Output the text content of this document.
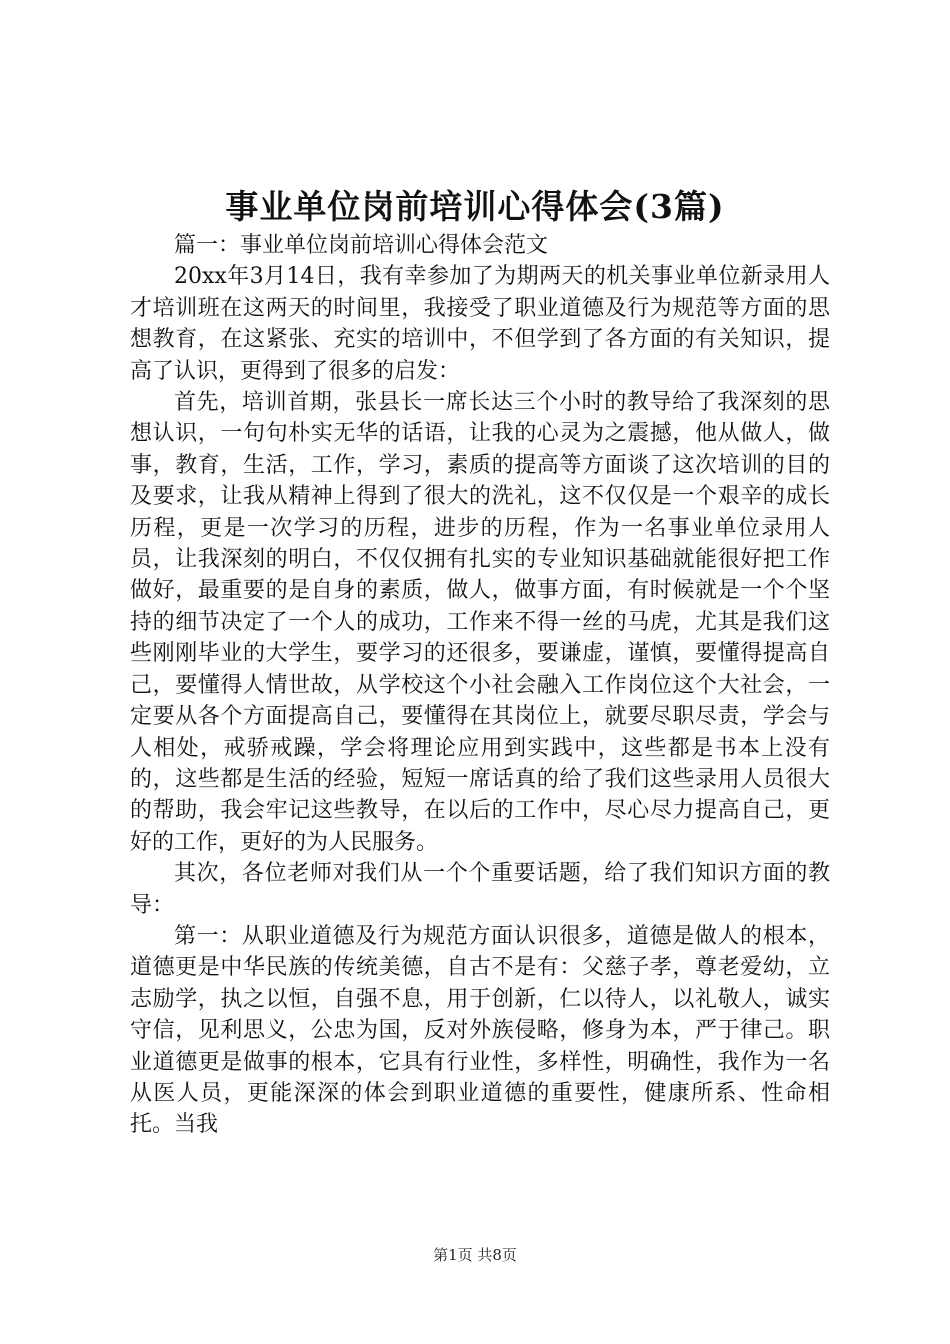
事业单位岗前培训心得体会(3篇)

篇一：事业单位岗前培训心得体会范文

20xx年3月14日，我有幸参加了为期两天的机关事业单位新录用人才培训班在这两天的时间里，我接受了职业道德及行为规范等方面的思想教育，在这紧张、充实的培训中，不但学到了各方面的有关知识，提高了认识，更得到了很多的启发：

首先，培训首期，张县长一席长达三个小时的教导给了我深刻的思想认识，一句句朴实无华的话语，让我的心灵为之震撼，他从做人，做事，教育，生活，工作，学习，素质的提高等方面谈了这次培训的目的及要求，让我从精神上得到了很大的洗礼，这不仅仅是一个艰辛的成长历程，更是一次学习的历程，进步的历程，作为一名事业单位录用人员，让我深刻的明白，不仅仅拥有扎实的专业知识基础就能很好把工作做好，最重要的是自身的素质，做人，做事方面，有时候就是一个个坚持的细节决定了一个人的成功，工作来不得一丝的马虎，尤其是我们这些刚刚毕业的大学生，要学习的还很多，要谦虚，谨慎，要懂得提高自己，要懂得人情世故，从学校这个小社会融入工作岗位这个大社会，一定要从各个方面提高自己，要懂得在其岗位上，就要尽职尽责，学会与人相处，戒骄戒躁，学会将理论应用到实践中，这些都是书本上没有的，这些都是生活的经验，短短一席话真的给了我们这些录用人员很大的帮助，我会牢记这些教导，在以后的工作中，尽心尽力提高自己，更好的工作，更好的为人民服务。

其次，各位老师对我们从一个个重要话题，给了我们知识方面的教导：

第一：从职业道德及行为规范方面认识很多，道德是做人的根本，道德更是中华民族的传统美德，自古不是有：父慈子孝，尊老爱幼，立志励学，执之以恒，自强不息，用于创新，仁以待人，以礼敬人，诚实守信，见利思义，公忠为国，反对外族侵略，修身为本，严于律己。职业道德更是做事的根本，它具有行业性，多样性，明确性，我作为一名从医人员，更能深深的体会到职业道德的重要性，健康所系、性命相托。当我

第1页 共8页
